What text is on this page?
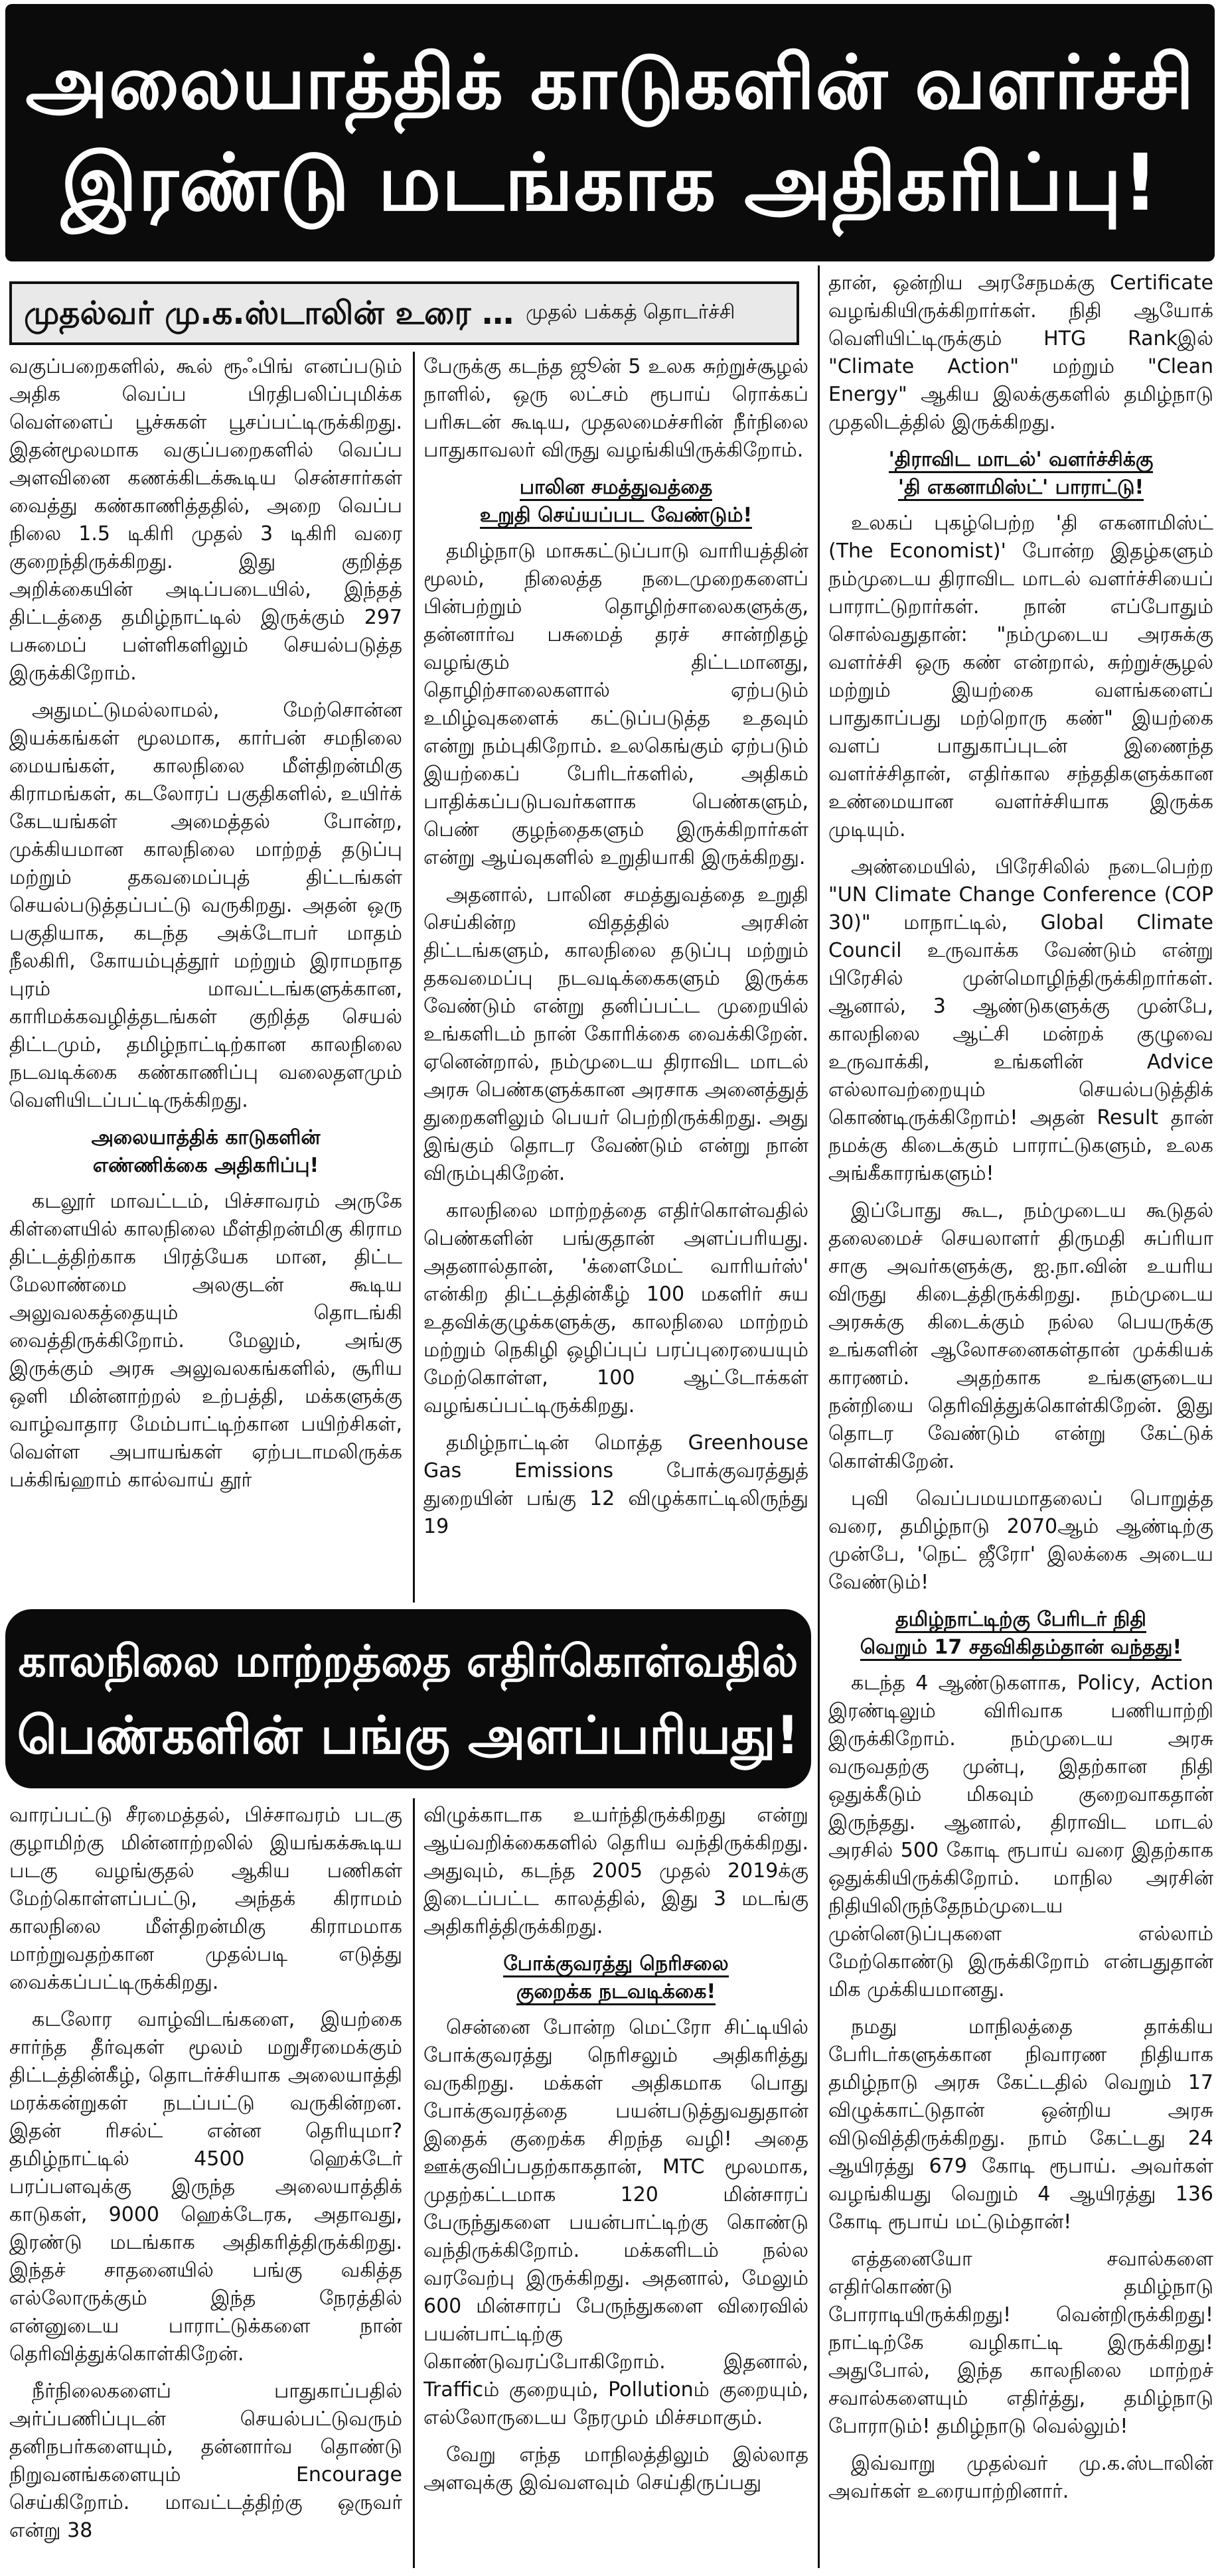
அலையாத்திக் காடுகளின் வளர்ச்சி
இரண்டு மடங்காக அதிகரிப்பு!
முதல்வர் மு.க.ஸ்டாலின் உரை … முதல் பக்கத் தொடர்ச்சி

வகுப்பறைகளில், கூல் ரூஃபிங் எனப்படும் அதிக வெப்ப பிரதிபலிப்புமிக்க வெள்ளைப் பூச்சுகள் பூசப்பட்டிருக்கிறது. இதன்மூலமாக வகுப்பறைகளில் வெப்ப அளவினை கணக்கிடக்கூடிய சென்சார்கள் வைத்து கண்காணித்ததில், அறை வெப்ப நிலை 1.5 டிகிரி முதல் 3 டிகிரி வரை குறைந்திருக்கிறது. இது குறித்த அறிக்கையின் அடிப்படையில், இந்தத் திட்டத்தை தமிழ்நாட்டில் இருக்கும் 297 பசுமைப் பள்ளிகளிலும் செயல்படுத்த இருக்கிறோம்.

அதுமட்டுமல்லாமல், மேற்சொன்ன இயக்கங்கள் மூலமாக, கார்பன் சமநிலை மையங்கள், காலநிலை மீள்திறன்மிகு கிராமங்கள், கடலோரப் பகுதிகளில், உயிர்க் கேடயங்கள் அமைத்தல் போன்ற, முக்கியமான காலநிலை மாற்றத் தடுப்பு மற்றும் தகவமைப்புத் திட்டங்கள் செயல்படுத்தப்பட்டு வருகிறது. அதன் ஒரு பகுதியாக, கடந்த அக்டோபர் மாதம் நீலகிரி, கோயம்புத்தூர் மற்றும் இராமநாத புரம் மாவட்டங்களுக்கான, காரிமக்கவழித்தடங்கள் குறித்த செயல் திட்டமும், தமிழ்நாட்டிற்கான காலநிலை நடவடிக்கை கண்காணிப்பு வலைதளமும் வெளியிடப்பட்டிருக்கிறது.

அலையாத்திக் காடுகளின்
எண்ணிக்கை அதிகரிப்பு!

கடலூர் மாவட்டம், பிச்சாவரம் அருகே கிள்ளையில் காலநிலை மீள்திறன்மிகு கிராம திட்டத்திற்காக பிரத்யேக மான, திட்ட மேலாண்மை அலகுடன் கூடிய அலுவலகத்தையும் தொடங்கி வைத்திருக்கிறோம். மேலும், அங்கு இருக்கும் அரசு அலுவலகங்களில், சூரிய ஒளி மின்னாற்றல் உற்பத்தி, மக்களுக்கு வாழ்வாதார மேம்பாட்டிற்கான பயிற்சிகள், வெள்ள அபாயங்கள் ஏற்படாமலிருக்க பக்கிங்ஹாம் கால்வாய் தூர்

பேருக்கு கடந்த ஜூன் 5 உலக சுற்றுச்சூழல் நாளில், ஒரு லட்சம் ரூபாய் ரொக்கப் பரிசுடன் கூடிய, முதலமைச்சரின் நீர்நிலை பாதுகாவலர் விருது வழங்கியிருக்கிறோம்.

பாலின சமத்துவத்தை
உறுதி செய்யப்பட வேண்டும்!

தமிழ்நாடு மாசுகட்டுப்பாடு வாரியத்தின் மூலம், நிலைத்த நடைமுறைகளைப் பின்பற்றும் தொழிற்சாலைகளுக்கு, தன்னார்வ பசுமைத் தரச் சான்றிதழ் வழங்கும் திட்டமானது, தொழிற்சாலைகளால் ஏற்படும் உமிழ்வுகளைக் கட்டுப்படுத்த உதவும் என்று நம்புகிறோம். உலகெங்கும் ஏற்படும் இயற்கைப் பேரிடர்களில், அதிகம் பாதிக்கப்படுபவர்களாக பெண்களும், பெண் குழந்தைகளும் இருக்கிறார்கள் என்று ஆய்வுகளில் உறுதியாகி இருக்கிறது.

அதனால், பாலின சமத்துவத்தை உறுதி செய்கின்ற விதத்தில் அரசின் திட்டங்களும், காலநிலை தடுப்பு மற்றும் தகவமைப்பு நடவடிக்கைகளும் இருக்க வேண்டும் என்று தனிப்பட்ட முறையில் உங்களிடம் நான் கோரிக்கை வைக்கிறேன். ஏனென்றால், நம்முடைய திராவிட மாடல் அரசு பெண்களுக்கான அரசாக அனைத்துத் துறைகளிலும் பெயர் பெற்றிருக்கிறது. அது இங்கும் தொடர வேண்டும் என்று நான் விரும்புகிறேன்.

காலநிலை மாற்றத்தை எதிர்கொள்வதில் பெண்களின் பங்குதான் அளப்பரியது. அதனால்தான், 'க்ளைமேட் வாரியர்ஸ்' என்கிற திட்டத்தின்கீழ் 100 மகளிர் சுய உதவிக்குழுக்களுக்கு, காலநிலை மாற்றம் மற்றும் நெகிழி ஒழிப்புப் பரப்புரையையும் மேற்கொள்ள, 100 ஆட்டோக்கள் வழங்கப்பட்டிருக்கிறது.

தமிழ்நாட்டின் மொத்த Greenhouse Gas Emissions போக்குவரத்துத் துறையின் பங்கு 12 விழுக்காட்டிலிருந்து 19

தான், ஒன்றிய அரசேநமக்கு Certificate வழங்கியிருக்கிறார்கள். நிதி ஆயோக் வெளியிட்டிருக்கும் HTG Rankஇல் "Climate Action" மற்றும் "Clean Energy" ஆகிய இலக்குகளில் தமிழ்நாடு முதலிடத்தில் இருக்கிறது.

'திராவிட மாடல்' வளர்ச்சிக்கு
'தி எகனாமிஸ்ட்' பாராட்டு!

உலகப் புகழ்பெற்ற 'தி எகனாமிஸ்ட் (The Economist)' போன்ற இதழ்களும் நம்முடைய திராவிட மாடல் வளர்ச்சியைப் பாராட்டுறார்கள். நான் எப்போதும் சொல்வதுதான்: "நம்முடைய அரசுக்கு வளர்ச்சி ஒரு கண் என்றால், சுற்றுச்சூழல் மற்றும் இயற்கை வளங்களைப் பாதுகாப்பது மற்றொரு கண்" இயற்கை வளப் பாதுகாப்புடன் இணைந்த வளர்ச்சிதான், எதிர்கால சந்ததிகளுக்கான உண்மையான வளர்ச்சியாக இருக்க முடியும்.

அண்மையில், பிரேசிலில் நடைபெற்ற "UN Climate Change Conference (COP 30)" மாநாட்டில், Global Climate Council உருவாக்க வேண்டும் என்று பிரேசில் முன்மொழிந்திருக்கிறார்கள். ஆனால், 3 ஆண்டுகளுக்கு முன்பே, காலநிலை ஆட்சி மன்றக் குழுவை உருவாக்கி, உங்களின் Advice எல்லாவற்றையும் செயல்படுத்திக் கொண்டிருக்கிறோம்! அதன் Result தான் நமக்கு கிடைக்கும் பாராட்டுகளும், உலக அங்கீகாரங்களும்!

இப்போது கூட, நம்முடைய கூடுதல் தலைமைச் செயலாளர் திருமதி சுப்ரியா சாகு அவர்களுக்கு, ஐ.நா.வின் உயரிய விருது கிடைத்திருக்கிறது. நம்முடைய அரசுக்கு கிடைக்கும் நல்ல பெயருக்கு உங்களின் ஆலோசனைகள்தான் முக்கியக் காரணம். அதற்காக உங்களுடைய நன்றியை தெரிவித்துக்கொள்கிறேன். இது தொடர வேண்டும் என்று கேட்டுக் கொள்கிறேன்.

புவி வெப்பமயமாதலைப் பொறுத்த வரை, தமிழ்நாடு 2070ஆம் ஆண்டிற்கு முன்பே, 'நெட் ஜீரோ' இலக்கை அடைய வேண்டும்!

தமிழ்நாட்டிற்கு பேரிடர் நிதி
வெறும் 17 சதவிகிதம்தான் வந்தது!

கடந்த 4 ஆண்டுகளாக, Policy, Action இரண்டிலும் விரிவாக பணியாற்றி இருக்கிறோம். நம்முடைய அரசு வருவதற்கு முன்பு, இதற்கான நிதி ஒதுக்கீடும் மிகவும் குறைவாகதான் இருந்தது. ஆனால், திராவிட மாடல் அரசில் 500 கோடி ரூபாய் வரை இதற்காக ஒதுக்கியிருக்கிறோம். மாநில அரசின் நிதியிலிருந்தேநம்முடைய முன்னெடுப்புகளை எல்லாம் மேற்கொண்டு இருக்கிறோம் என்பதுதான் மிக முக்கியமானது.

நமது மாநிலத்தை தாக்கிய பேரிடர்களுக்கான நிவாரண நிதியாக தமிழ்நாடு அரசு கேட்டதில் வெறும் 17 விழுக்காட்டுதான் ஒன்றிய அரசு விடுவித்திருக்கிறது. நாம் கேட்டது 24 ஆயிரத்து 679 கோடி ரூபாய். அவர்கள் வழங்கியது வெறும் 4 ஆயிரத்து 136 கோடி ரூபாய் மட்டும்தான்!

எத்தனையோ சவால்களை எதிர்கொண்டு தமிழ்நாடு போராடியிருக்கிறது! வென்றிருக்கிறது! நாட்டிற்கே வழிகாட்டி இருக்கிறது! அதுபோல், இந்த காலநிலை மாற்றச் சவால்களையும் எதிர்த்து, தமிழ்நாடு போராடும்! தமிழ்நாடு வெல்லும்!

இவ்வாறு முதல்வர் மு.க.ஸ்டாலின் அவர்கள் உரையாற்றினார்.

காலநிலை மாற்றத்தை எதிர்கொள்வதில்
பெண்களின் பங்கு அளப்பரியது!

வாரப்பட்டு சீரமைத்தல், பிச்சாவரம் படகு குழாமிற்கு மின்னாற்றலில் இயங்கக்கூடிய படகு வழங்குதல் ஆகிய பணிகள் மேற்கொள்ளப்பட்டு, அந்தக் கிராமம் காலநிலை மீள்திறன்மிகு கிராமமாக மாற்றுவதற்கான முதல்படி எடுத்து வைக்கப்பட்டிருக்கிறது.

கடலோர வாழ்விடங்களை, இயற்கை சார்ந்த தீர்வுகள் மூலம் மறுசீரமைக்கும் திட்டத்தின்கீழ், தொடர்ச்சியாக அலையாத்தி மரக்கன்றுகள் நடப்பட்டு வருகின்றன. இதன் ரிசல்ட் என்ன தெரியுமா? தமிழ்நாட்டில் 4500 ஹெக்டேர் பரப்பளவுக்கு இருந்த அலையாத்திக் காடுகள், 9000 ஹெக்டேரக, அதாவது, இரண்டு மடங்காக அதிகரித்திருக்கிறது. இந்தச் சாதனையில் பங்கு வகித்த எல்லோருக்கும் இந்த நேரத்தில் என்னுடைய பாராட்டுக்களை நான் தெரிவித்துக்கொள்கிறேன்.

நீர்நிலைகளைப் பாதுகாப்பதில் அர்ப்பணிப்புடன் செயல்பட்டுவரும் தனிநபர்களையும், தன்னார்வ தொண்டு நிறுவனங்களையும் Encourage செய்கிறோம். மாவட்டத்திற்கு ஒருவர் என்று 38

விழுக்காடாக உயர்ந்திருக்கிறது என்று ஆய்வறிக்கைகளில் தெரிய வந்திருக்கிறது. அதுவும், கடந்த 2005 முதல் 2019க்கு இடைப்பட்ட காலத்தில், இது 3 மடங்கு அதிகரித்திருக்கிறது.

போக்குவரத்து நெரிசலை
குறைக்க நடவடிக்கை!

சென்னை போன்ற மெட்ரோ சிட்டியில் போக்குவரத்து நெரிசலும் அதிகரித்து வருகிறது. மக்கள் அதிகமாக பொது போக்குவரத்தை பயன்படுத்துவதுதான் இதைக் குறைக்க சிறந்த வழி! அதை ஊக்குவிப்பதற்காகதான், MTC மூலமாக, முதற்கட்டமாக 120 மின்சாரப் பேருந்துகளை பயன்பாட்டிற்கு கொண்டு வந்திருக்கிறோம். மக்களிடம் நல்ல வரவேற்பு இருக்கிறது. அதனால், மேலும் 600 மின்சாரப் பேருந்துகளை விரைவில் பயன்பாட்டிற்கு கொண்டுவரப்போகிறோம். இதனால், Trafficம் குறையும், Pollutionம் குறையும், எல்லோருடைய நேரமும் மிச்சமாகும்.

வேறு எந்த மாநிலத்திலும் இல்லாத அளவுக்கு இவ்வளவும் செய்திருப்பது
